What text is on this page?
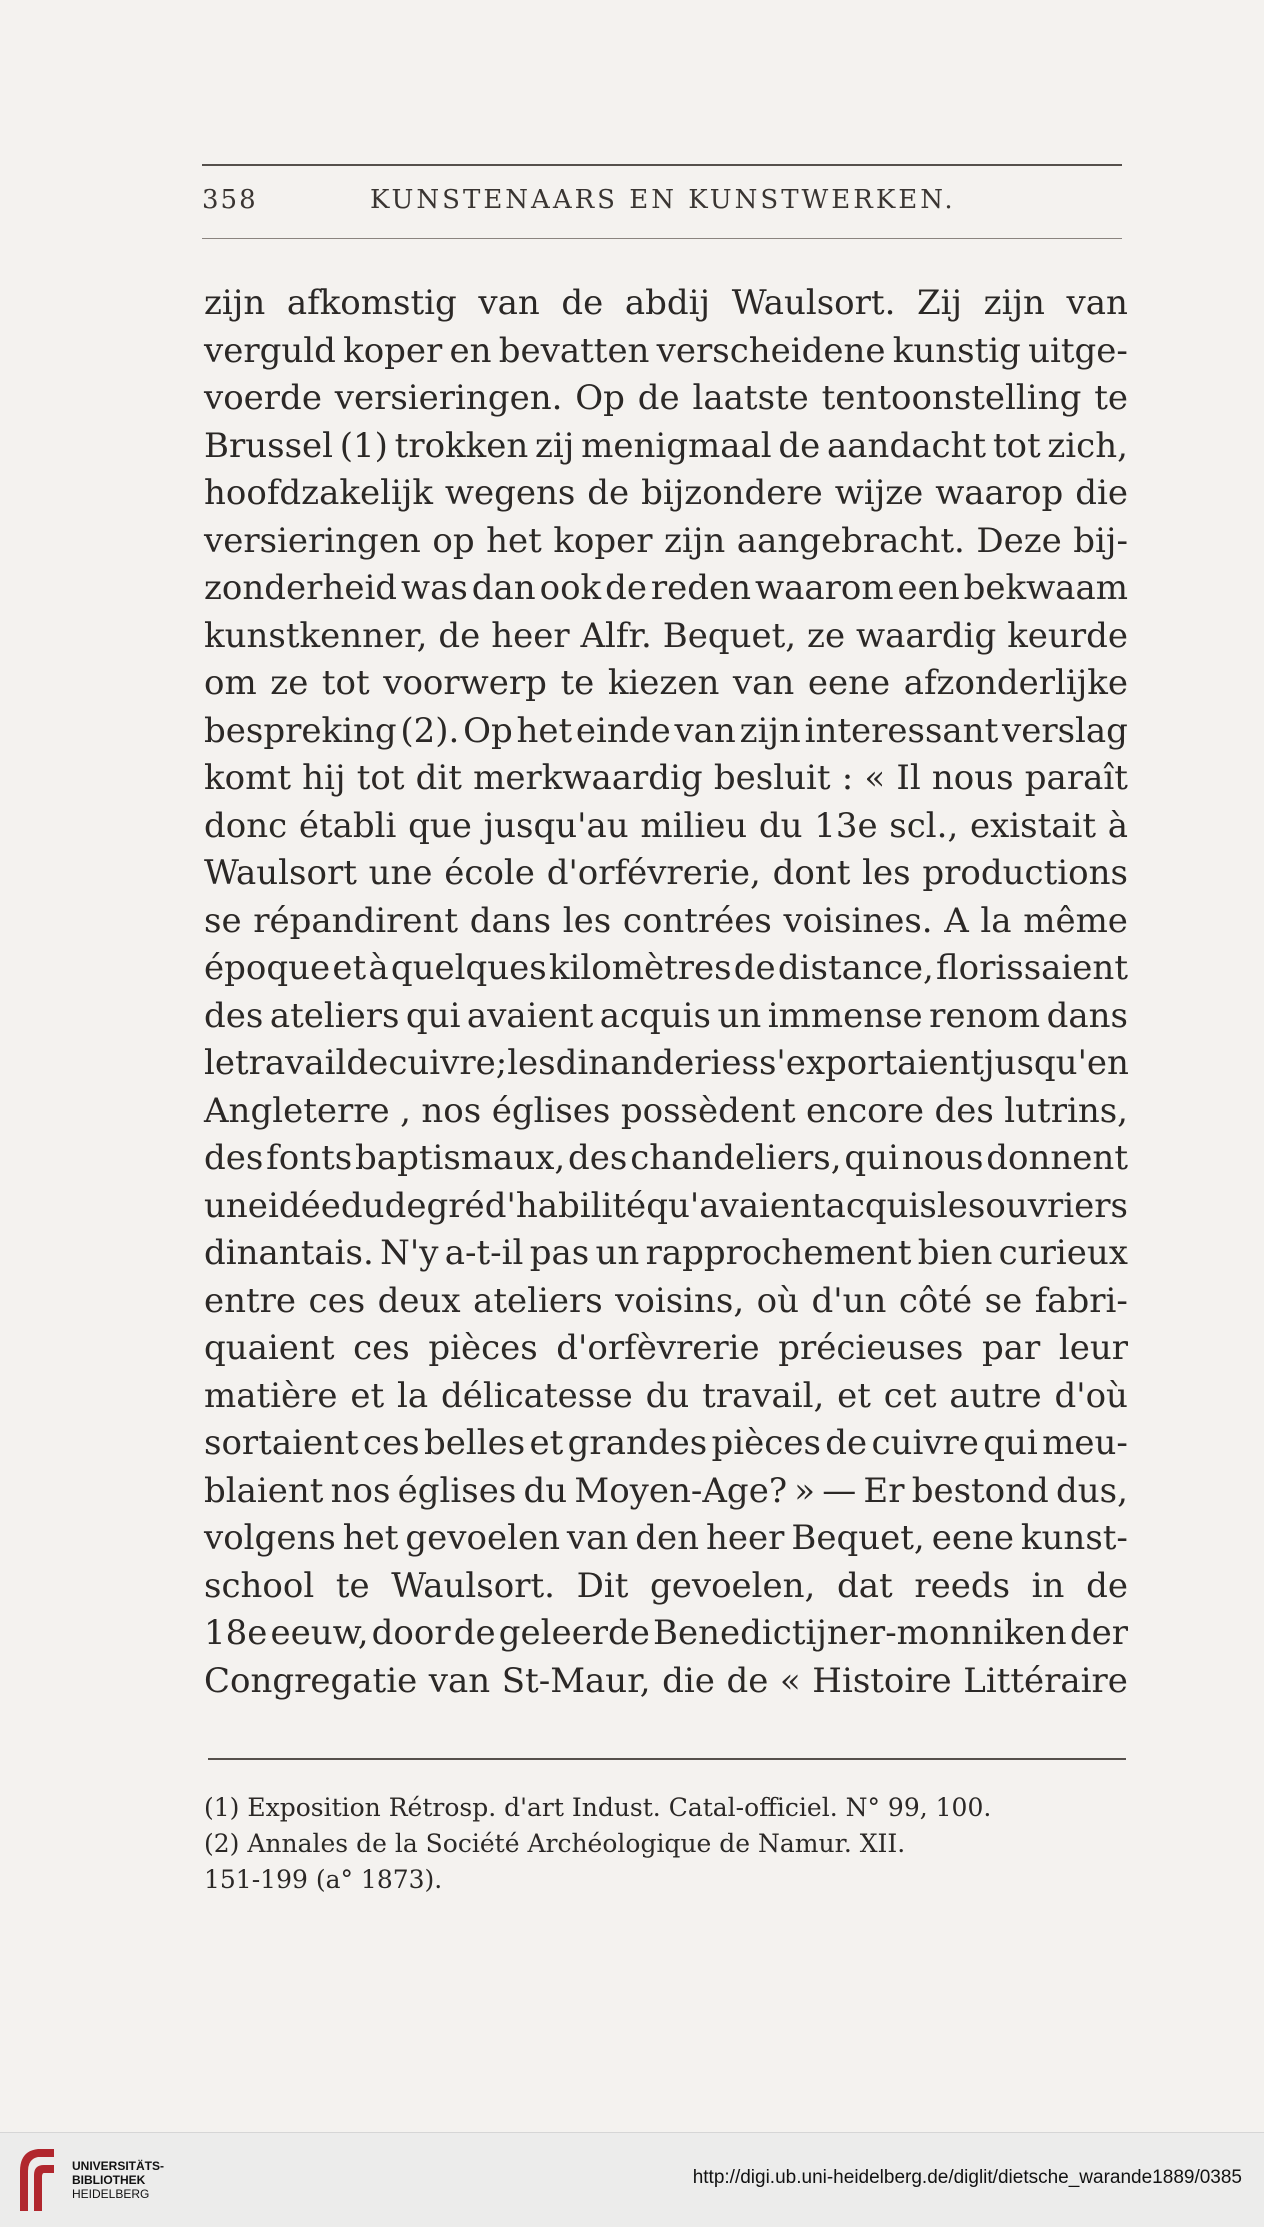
358	KUNSTENAARS EN KUNSTWERKEN.
zijn afkomstig van de abdij Waulsort. Zij zijn van
verguld koper en bevatten verscheidene kunstig uitge-
voerde versieringen. Op de laatste tentoonstelling te
Brussel (1) trokken zij menigmaal de aandacht tot zich,
hoofdzakelijk wegens de bijzondere wijze waarop die
versieringen op het koper zijn aangebracht. Deze bij-
zonderheid was dan ook de reden waarom een bekwaam
kunstkenner, de heer Alfr. Bequet, ze waardig keurde
om ze tot voorwerp te kiezen van eene afzonderlijke
bespreking (2). Op het einde van zijn interessant verslag
komt hij tot dit merkwaardig besluit : « Il nous paraît
donc établi que jusqu'au milieu du 13e scl., existait à
Waulsort une école d'orfévrerie, dont les productions
se répandirent dans les contrées voisines. A la même
époque et à quelques kilomètres de distance, florissaient
des ateliers qui avaient acquis un immense renom dans
le travail de cuivre ; les dinanderies s'exportaient jusqu'en
Angleterre , nos églises possèdent encore des lutrins,
des fonts baptismaux, des chandeliers, qui nous donnent
une idée du degré d'habilité qu'avaient acquis les ouvriers
dinantais. N'y a-t-il pas un rapprochement bien curieux
entre ces deux ateliers voisins, où d'un côté se fabri-
quaient ces pièces d'orfèvrerie précieuses par leur
matière et la délicatesse du travail, et cet autre d'où
sortaient ces belles et grandes pièces de cuivre qui meu-
blaient nos églises du Moyen-Age? » — Er bestond dus,
volgens het gevoelen van den heer Bequet, eene kunst-
school te Waulsort. Dit gevoelen, dat reeds in de
18e eeuw, door de geleerde Benedictijner-monniken der
Congregatie van St-Maur, die de « Histoire Littéraire
(1) Exposition Rétrosp. d'art Indust. Catal-officiel. N° 99, 100.
(2) Annales de la Société Archéologique de Namur. XII.
151-199 (a° 1873).
UNIVERSITÄTS-
BIBLIOTHEK
HEIDELBERG
http://digi.ub.uni-heidelberg.de/diglit/dietsche_warande1889/0385
